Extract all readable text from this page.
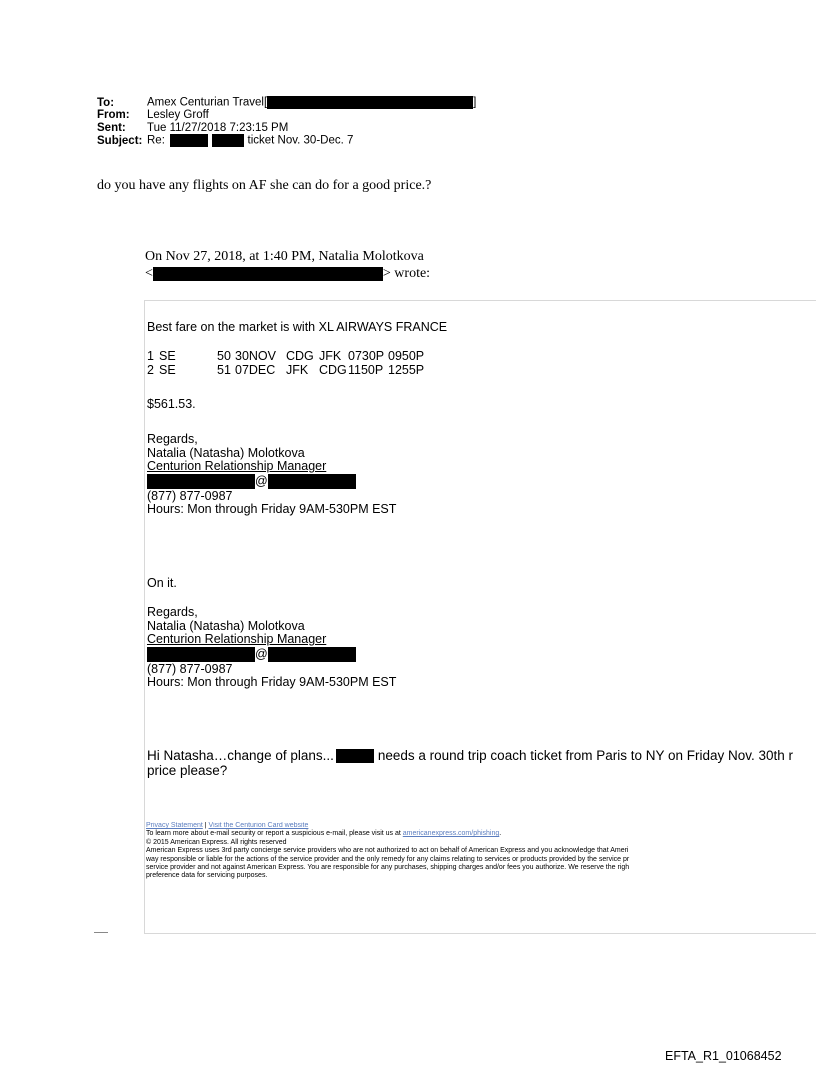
To:	Amex Centurian Travel[	]
From: Lesley Groff
Sent: Tue 11/27/2018 7:23:15 PM
Subject: Re:	ticket Nov. 30-Dec. 7
do you have any flights on AF she can do for a good price.?
On Nov 27, 2018, at 1:40 PM, Natalia Molotkova
<	> wrote:
Best fare on the market is with XL AIRWAYS FRANCE
1 SE	50 30NOV CDG JFK 0730P 0950P
2 SE	51 07DEC JFK CDG1150P 1255P
$561.53.
Regards,
Natalia (Natasha) Molotkova
Centurion Relationship Manager
@
(877) 877-0987
Hours: Mon through Friday 9AM-530PM EST
On it.
Regards,
Natalia (Natasha) Molotkova
Centurion Relationship Manager
@
(877) 877-0987
Hours: Mon through Friday 9AM-530PM EST
Hi Natasha…change of plans...	needs a round trip coach ticket from Paris to NY on Friday Nov. 30th r
price please?
Privacy Statement | Visit the Centurion Card website
To learn more about e-mail security or report a suspicious e-mail, please visit us at americanexpress.com/phishing.
© 2015 American Express. All rights reserved
American Express uses 3rd party concierge service providers who are not authorized to act on behalf of American Express and you acknowledge that Ameri
way responsible or liable for the actions of the service provider and the only remedy for any claims relating to services or products provided by the service pr
service provider and not against American Express. You are responsible for any purchases, shipping charges and/or fees you authorize. We reserve the righ
preference data for servicing purposes.
EFTA_R1_01068452
